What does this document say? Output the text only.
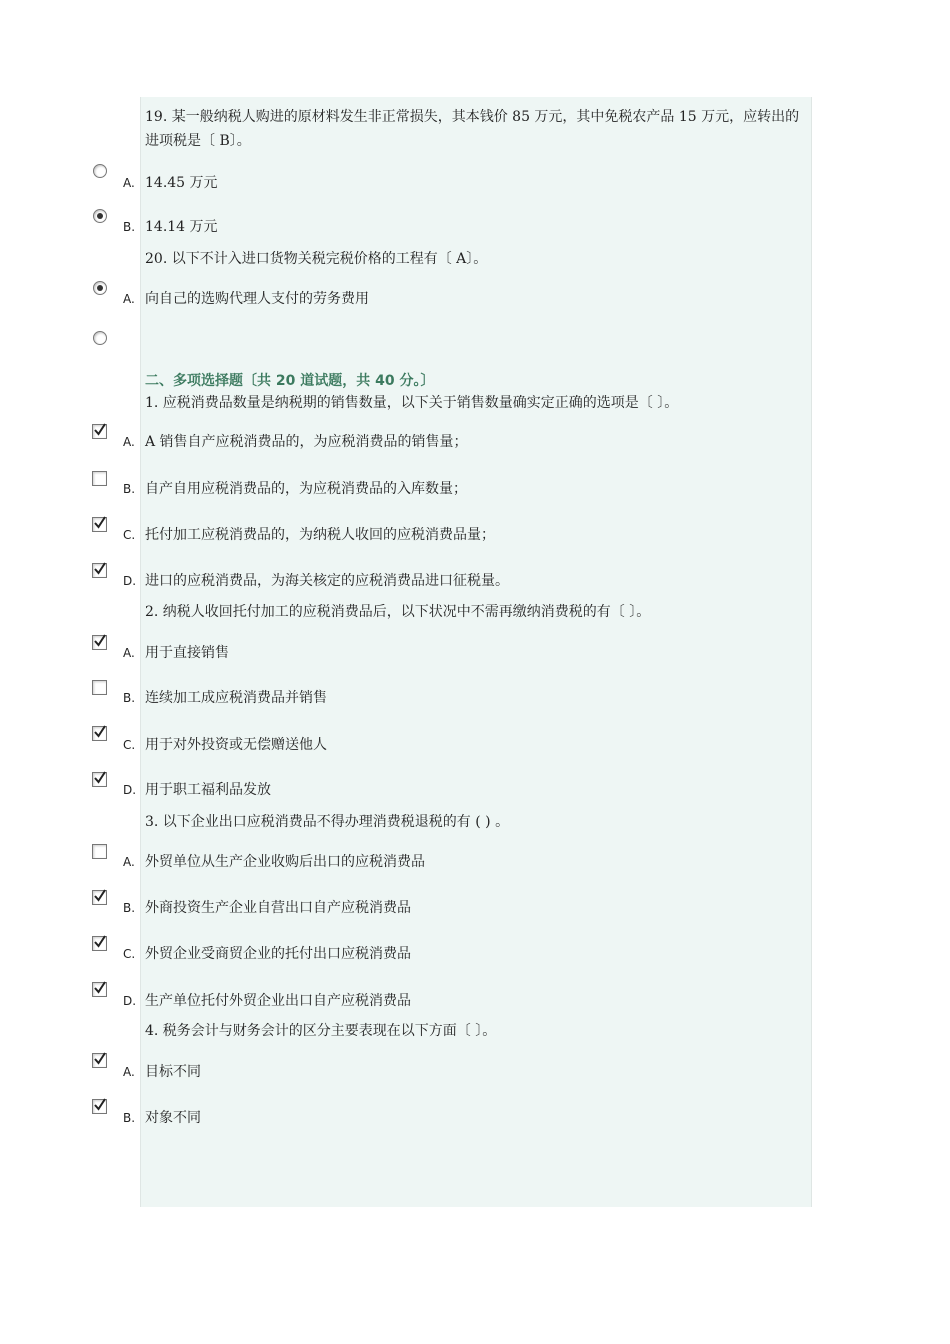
19. 某一般纳税人购进的原材料发生非正常损失，其本钱价 85 万元，其中免税农产品 15 万元，应转出的进项税是〔 B〕。
A. 14.45 万元
B. 14.14 万元
20. 以下不计入进口货物关税完税价格的工程有〔 A〕。
A. 向自己的选购代理人支付的劳务费用
二、多项选择题〔共 20 道试题，共 40 分。〕
1. 应税消费品数量是纳税期的销售数量，以下关于销售数量确实定正确的选项是〔 〕。
A. A 销售自产应税消费品的，为应税消费品的销售量；
B. 自产自用应税消费品的，为应税消费品的入库数量；
C. 托付加工应税消费品的，为纳税人收回的应税消费品量；
D. 进口的应税消费品，为海关核定的应税消费品进口征税量。
2. 纳税人收回托付加工的应税消费品后，以下状况中不需再缴纳消费税的有〔 〕。
A. 用于直接销售
B. 连续加工成应税消费品并销售
C. 用于对外投资或无偿赠送他人
D. 用于职工福利品发放
3. 以下企业出口应税消费品不得办理消费税退税的有 ( ) 。
A. 外贸单位从生产企业收购后出口的应税消费品
B. 外商投资生产企业自营出口自产应税消费品
C. 外贸企业受商贸企业的托付出口应税消费品
D. 生产单位托付外贸企业出口自产应税消费品
4. 税务会计与财务会计的区分主要表现在以下方面〔 〕。
A. 目标不同
B. 对象不同
